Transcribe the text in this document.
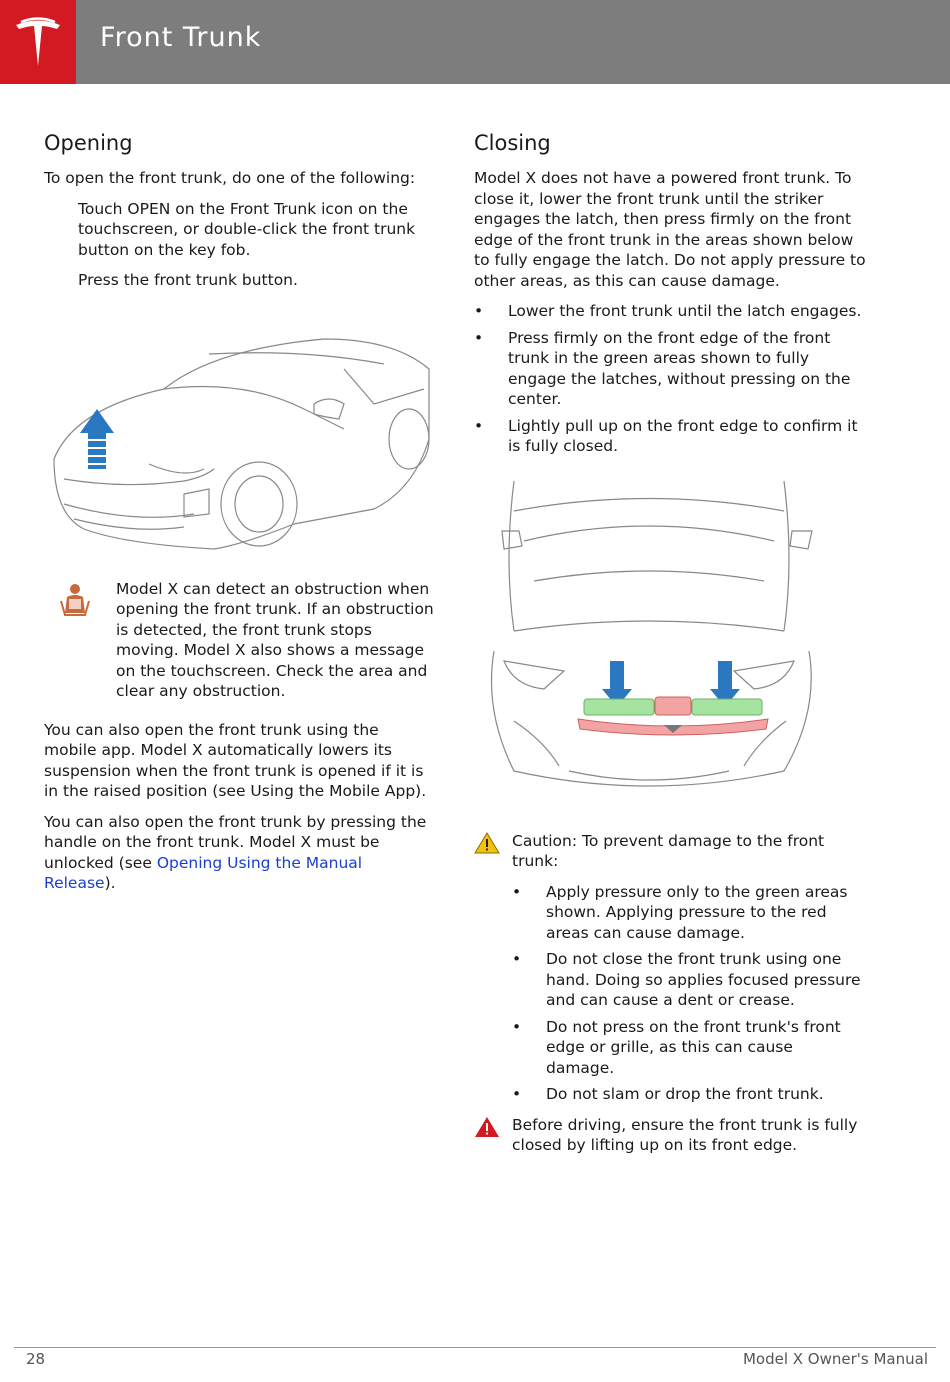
Front Trunk
Opening

To open the front trunk, do one of the following:

Touch OPEN on the Front Trunk icon on the touchscreen, or double-click the front trunk button on the key fob.

Press the front trunk button.

Model X can detect an obstruction when opening the front trunk. If an obstruction is detected, the front trunk stops moving. Model X also shows a message on the touchscreen. Check the area and clear any obstruction.

You can also open the front trunk using the mobile app. Model X automatically lowers its suspension when the front trunk is opened if it is in the raised position (see Using the Mobile App).

You can also open the front trunk by pressing the handle on the front trunk. Model X must be unlocked (see Opening Using the Manual Release).

Closing

Model X does not have a powered front trunk. To close it, lower the front trunk until the striker engages the latch, then press firmly on the front edge of the front trunk in the areas shown below to fully engage the latch. Do not apply pressure to other areas, as this can cause damage.

• Lower the front trunk until the latch engages.
• Press firmly on the front edge of the front trunk in the green areas shown to fully engage the latches, without pressing on the center.
• Lightly pull up on the front edge to confirm it is fully closed.

Caution: To prevent damage to the front trunk:

• Apply pressure only to the green areas shown. Applying pressure to the red areas can cause damage.
• Do not close the front trunk using one hand. Doing so applies focused pressure and can cause a dent or crease.
• Do not press on the front trunk's front edge or grille, as this can cause damage.
• Do not slam or drop the front trunk.

Before driving, ensure the front trunk is fully closed by lifting up on its front edge.

28	Model X Owner's Manual
